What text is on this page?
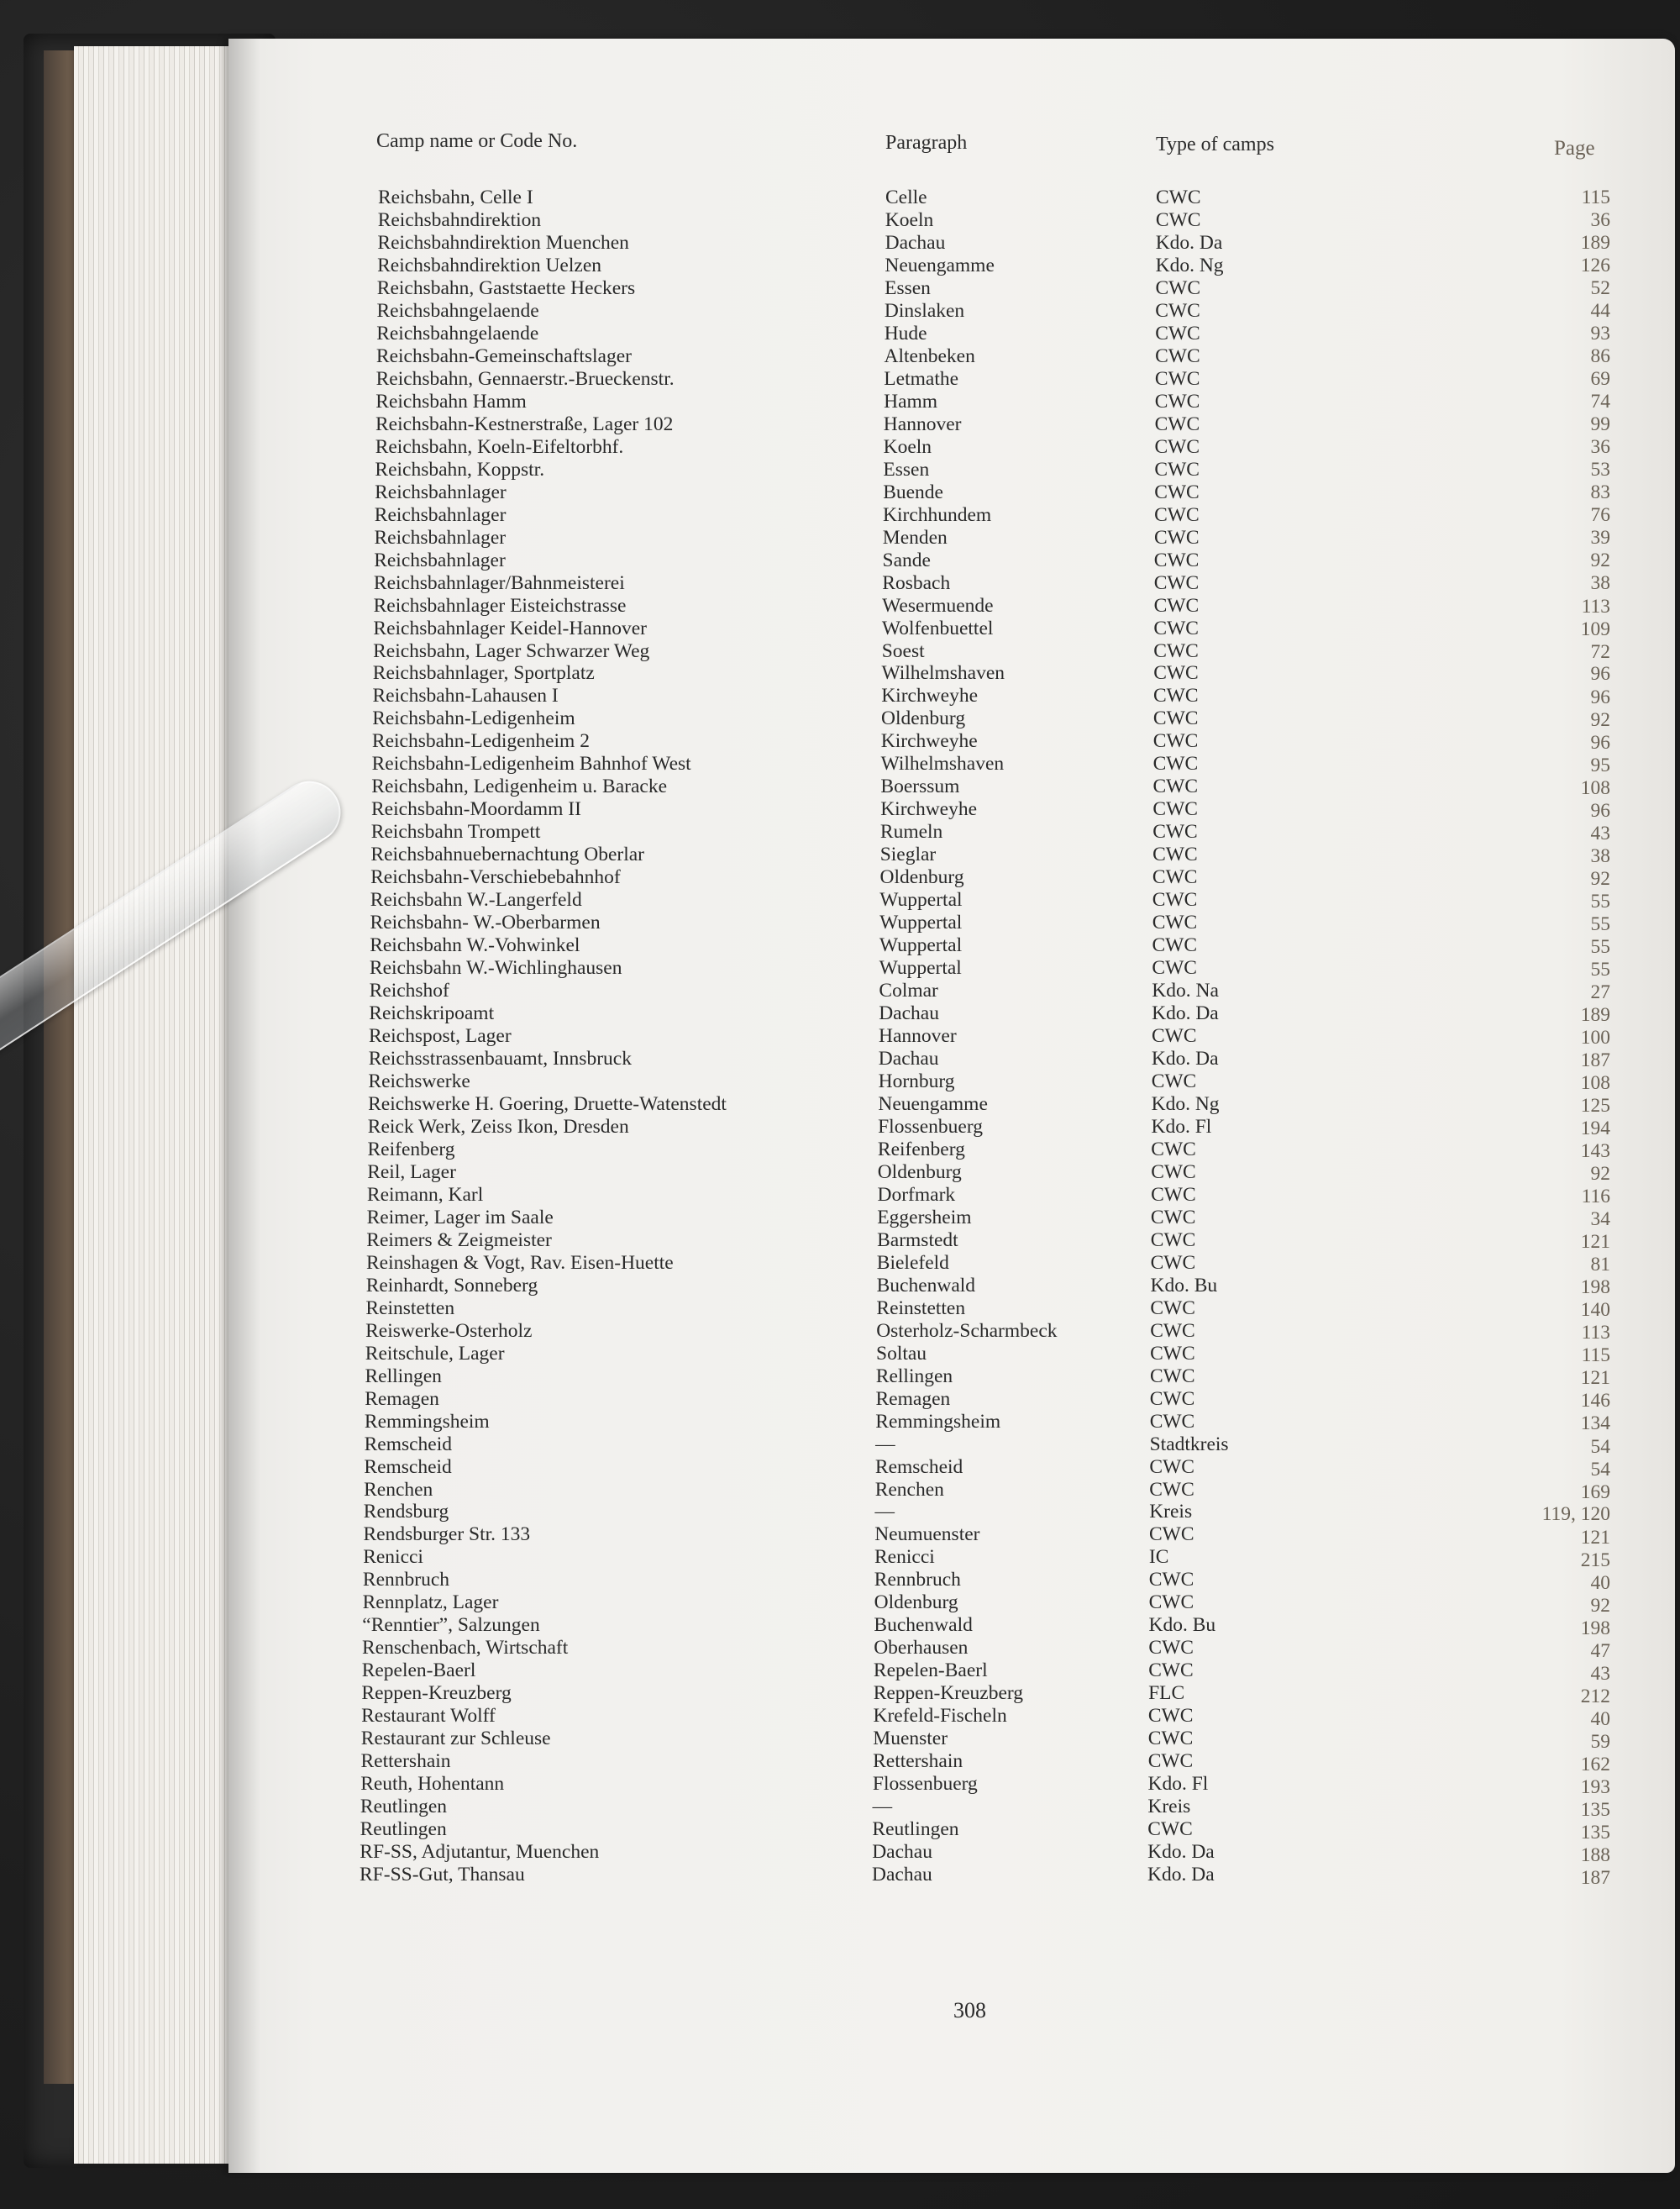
Camp name or Code No.	Paragraph	Type of camps	Page
Reichsbahn, Celle I	Celle	CWC	115
Reichsbahndirektion	Koeln	CWC	36
Reichsbahndirektion Muenchen	Dachau	Kdo. Da	189
Reichsbahndirektion Uelzen	Neuengamme	Kdo. Ng	126
Reichsbahn, Gaststaette Heckers	Essen	CWC	52
Reichsbahngelaende	Dinslaken	CWC	44
Reichsbahngelaende	Hude	CWC	93
Reichsbahn-Gemeinschaftslager	Altenbeken	CWC	86
Reichsbahn, Gennaerstr.-Brueckenstr.	Letmathe	CWC	69
Reichsbahn Hamm	Hamm	CWC	74
Reichsbahn-Kestnerstraße, Lager 102	Hannover	CWC	99
Reichsbahn, Koeln-Eifeltorbhf.	Koeln	CWC	36
Reichsbahn, Koppstr.	Essen	CWC	53
Reichsbahnlager	Buende	CWC	83
Reichsbahnlager	Kirchhundem	CWC	76
Reichsbahnlager	Menden	CWC	39
Reichsbahnlager	Sande	CWC	92
Reichsbahnlager/Bahnmeisterei	Rosbach	CWC	38
Reichsbahnlager Eisteichstrasse	Wesermuende	CWC	113
Reichsbahnlager Keidel-Hannover	Wolfenbuettel	CWC	109
Reichsbahn, Lager Schwarzer Weg	Soest	CWC	72
Reichsbahnlager, Sportplatz	Wilhelmshaven	CWC	96
Reichsbahn-Lahausen I	Kirchweyhe	CWC	96
Reichsbahn-Ledigenheim	Oldenburg	CWC	92
Reichsbahn-Ledigenheim 2	Kirchweyhe	CWC	96
Reichsbahn-Ledigenheim Bahnhof West	Wilhelmshaven	CWC	95
Reichsbahn, Ledigenheim u. Baracke	Boerssum	CWC	108
Reichsbahn-Moordamm II	Kirchweyhe	CWC	96
Reichsbahn Trompett	Rumeln	CWC	43
Reichsbahnuebernachtung Oberlar	Sieglar	CWC	38
Reichsbahn-Verschiebebahnhof	Oldenburg	CWC	92
Reichsbahn W.-Langerfeld	Wuppertal	CWC	55
Reichsbahn- W.-Oberbarmen	Wuppertal	CWC	55
Reichsbahn W.-Vohwinkel	Wuppertal	CWC	55
Reichsbahn W.-Wichlinghausen	Wuppertal	CWC	55
Reichshof	Colmar	Kdo. Na	27
Reichskripoamt	Dachau	Kdo. Da	189
Reichspost, Lager	Hannover	CWC	100
Reichsstrassenbauamt, Innsbruck	Dachau	Kdo. Da	187
Reichswerke	Hornburg	CWC	108
Reichswerke H. Goering, Druette-Watenstedt	Neuengamme	Kdo. Ng	125
Reick Werk, Zeiss Ikon, Dresden	Flossenbuerg	Kdo. Fl	194
Reifenberg	Reifenberg	CWC	143
Reil, Lager	Oldenburg	CWC	92
Reimann, Karl	Dorfmark	CWC	116
Reimer, Lager im Saale	Eggersheim	CWC	34
Reimers & Zeigmeister	Barmstedt	CWC	121
Reinshagen & Vogt, Rav. Eisen-Huette	Bielefeld	CWC	81
Reinhardt, Sonneberg	Buchenwald	Kdo. Bu	198
Reinstetten	Reinstetten	CWC	140
Reiswerke-Osterholz	Osterholz-Scharmbeck	CWC	113
Reitschule, Lager	Soltau	CWC	115
Rellingen	Rellingen	CWC	121
Remagen	Remagen	CWC	146
Remmingsheim	Remmingsheim	CWC	134
Remscheid	—	Stadtkreis	54
Remscheid	Remscheid	CWC	54
Renchen	Renchen	CWC	169
Rendsburg	—	Kreis	119, 120
Rendsburger Str. 133	Neumuenster	CWC	121
Renicci	Renicci	IC	215
Rennbruch	Rennbruch	CWC	40
Rennplatz, Lager	Oldenburg	CWC	92
“Renntier”, Salzungen	Buchenwald	Kdo. Bu	198
Renschenbach, Wirtschaft	Oberhausen	CWC	47
Repelen-Baerl	Repelen-Baerl	CWC	43
Reppen-Kreuzberg	Reppen-Kreuzberg	FLC	212
Restaurant Wolff	Krefeld-Fischeln	CWC	40
Restaurant zur Schleuse	Muenster	CWC	59
Rettershain	Rettershain	CWC	162
Reuth, Hohentann	Flossenbuerg	Kdo. Fl	193
Reutlingen	—	Kreis	135
Reutlingen	Reutlingen	CWC	135
RF-SS, Adjutantur, Muenchen	Dachau	Kdo. Da	188
RF-SS-Gut, Thansau	Dachau	Kdo. Da	187
308
